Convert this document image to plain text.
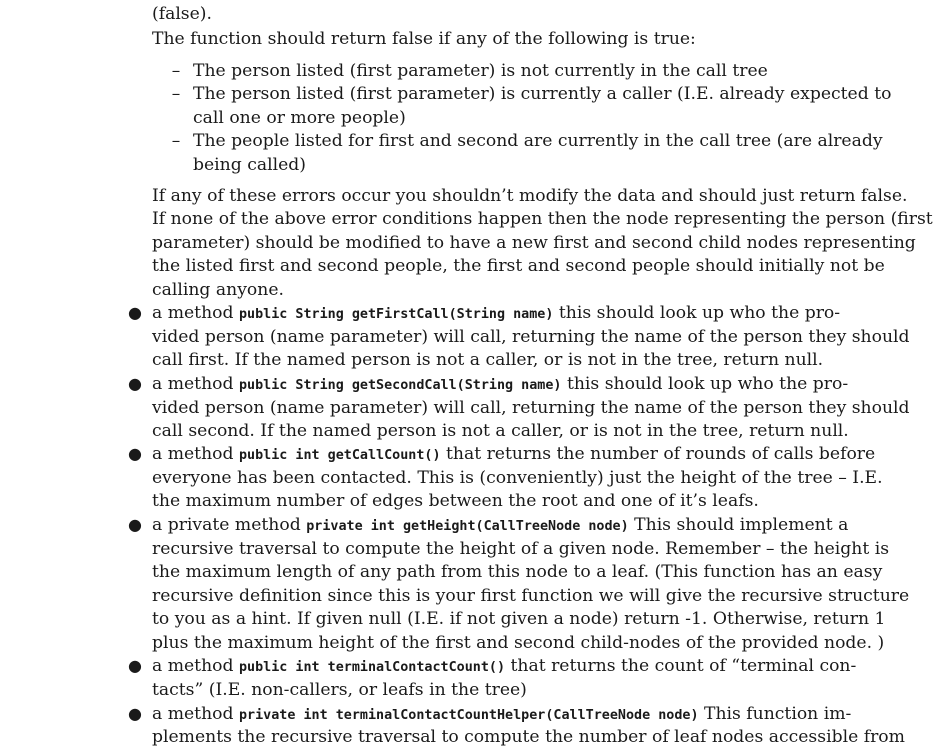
(false).
The function should return false if any of the following is true:
– The person listed (first parameter) is not currently in the call tree
– The person listed (first parameter) is currently a caller (I.E. already expected to
call one or more people)
– The people listed for first and second are currently in the call tree (are already
being called)
If any of these errors occur you shouldn’t modify the data and should just return false.
If none of the above error conditions happen then the node representing the person (first
parameter) should be modified to have a new first and second child nodes representing
the listed first and second people, the first and second people should initially not be
calling anyone.
● a method public String getFirstCall(String name) this should look up who the pro-
vided person (name parameter) will call, returning the name of the person they should
call first. If the named person is not a caller, or is not in the tree, return null.
● a method public String getSecondCall(String name) this should look up who the pro-
vided person (name parameter) will call, returning the name of the person they should
call second. If the named person is not a caller, or is not in the tree, return null.
● a method public int getCallCount() that returns the number of rounds of calls before
everyone has been contacted. This is (conveniently) just the height of the tree – I.E.
the maximum number of edges between the root and one of it’s leafs.
● a private method private int getHeight(CallTreeNode node) This should implement a
recursive traversal to compute the height of a given node. Remember – the height is
the maximum length of any path from this node to a leaf. (This function has an easy
recursive definition since this is your first function we will give the recursive structure
to you as a hint. If given null (I.E. if not given a node) return -1. Otherwise, return 1
plus the maximum height of the first and second child-nodes of the provided node. )
● a method public int terminalContactCount() that returns the count of “terminal con-
tacts” (I.E. non-callers, or leafs in the tree)
● a method private int terminalContactCountHelper(CallTreeNode node) This function im-
plements the recursive traversal to compute the number of leaf nodes accessible from
